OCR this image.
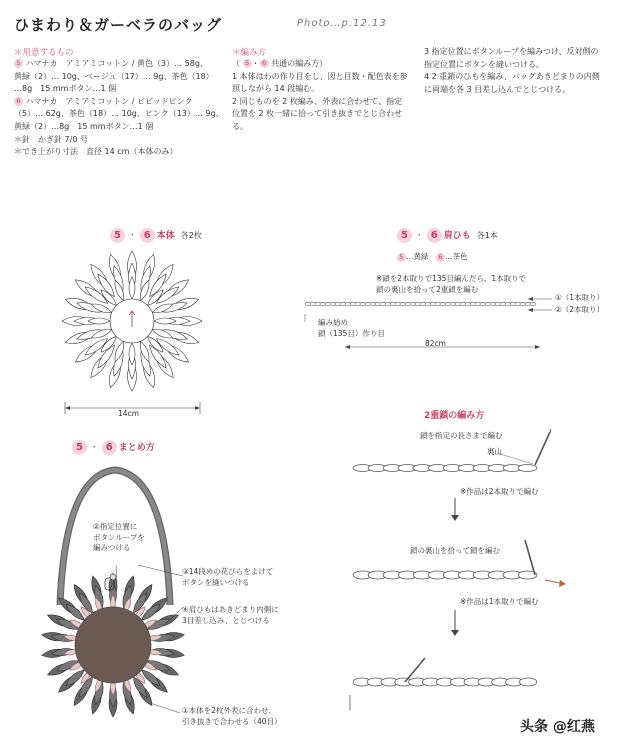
ひまわり＆ガーベラのバッグ	Photo…p.12.13
＊用意するもの
5 ハマナカ　アミアミコットン / 黄色（3）… 58g、
黄緑（2）… 10g、ベージュ（17）… 9g、茶色（18）
…8g　15 mmボタン…1 個
6 ハマナカ　アミアミコットン / ビビッドピンク
（5）… 62g、茶色（18）… 10g、ピンク（13）… 9g、
黄緑（2）…8g　15 mmボタン…1 個
＊針　かぎ針 7/0 号
＊でき上がり寸法　直径 14 cm（本体のみ）
＊編み方
（ 5 ・ 6 共通の編み方）
1 本体はわの作り目をし、図と目数・配色表を参
照しながら 14 段編む。
2 同じものを 2 枚編み、外表に合わせて、指定
位置を 2 枚一緒に拾って引き抜きでとじ合わせ
る。
3 指定位置にボタンループを編みつけ、反対側の
指定位置にボタンを縫いつける。
4 2 重鎖のひもを編み、バッグあきどまりの内側
に両端を各 3 目差し込んでとじつける。
5 ・ 6 本体 各2枚
14cm
5 ・ 6 肩ひも 各1本
5 …黄緑　 6 …茶色
※鎖を2本取りで135目編んだら、1本取りで
鎖の裏山を拾って2重鎖を編む
①（1本取り）
②（2本取り）
編み始め
鎖（135目）作り目
82cm
2重鎖の編み方
鎖を指定の長さまで編む
裏山
※作品は2本取りで編む
鎖の裏山を拾って鎖を編む
※作品は1本取りで編む
5 ・ 6 まとめ方
②指定位置に
ボタンループを
編みつける
③14段めの花びらをよけて
ボタンを縫いつける
④肩ひもはあきどまり内側に
3目差し込み、とじつける
①本体を2枚外表に合わせ、
引き抜きで合わせる（40目）	头条 @红燕
